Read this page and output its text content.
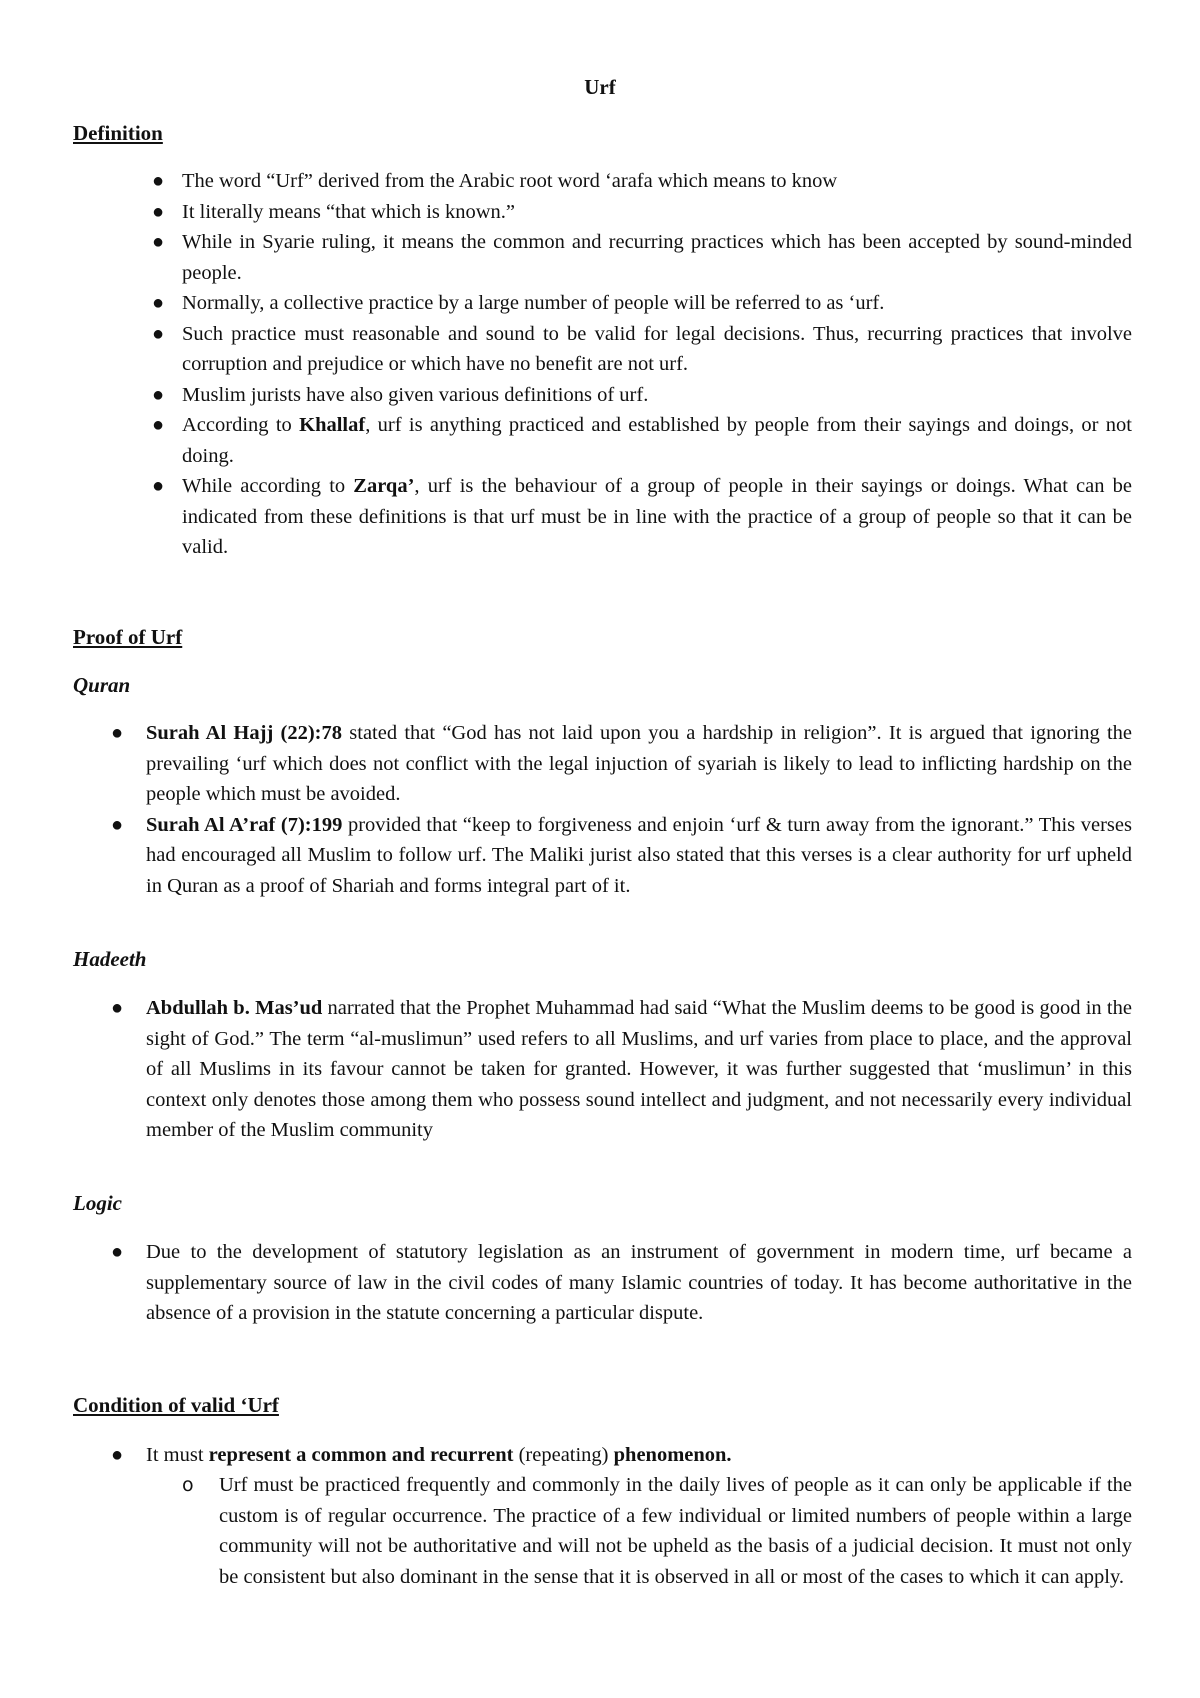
Urf
Definition
● The word “Urf” derived from the Arabic root word ‘arafa which means to know
● It literally means “that which is known.”
● While in Syarie ruling, it means the common and recurring practices which has been accepted by sound-minded people.
● Normally, a collective practice by a large number of people will be referred to as ‘urf.
● Such practice must reasonable and sound to be valid for legal decisions. Thus, recurring practices that involve corruption and prejudice or which have no benefit are not urf.
● Muslim jurists have also given various definitions of urf.
● According to Khallaf, urf is anything practiced and established by people from their sayings and doings, or not doing.
● While according to Zarqa’, urf is the behaviour of a group of people in their sayings or doings. What can be indicated from these definitions is that urf must be in line with the practice of a group of people so that it can be valid.
Proof of Urf
Quran
● Surah Al Hajj (22):78 stated that “God has not laid upon you a hardship in religion”. It is argued that ignoring the prevailing ‘urf which does not conflict with the legal injuction of syariah is likely to lead to inflicting hardship on the people which must be avoided.
● Surah Al A’raf (7):199 provided that “keep to forgiveness and enjoin ‘urf & turn away from the ignorant.” This verses had encouraged all Muslim to follow urf. The Maliki jurist also stated that this verses is a clear authority for urf upheld in Quran as a proof of Shariah and forms integral part of it.
Hadeeth
● Abdullah b. Mas’ud narrated that the Prophet Muhammad had said “What the Muslim deems to be good is good in the sight of God.” The term “al-muslimun” used refers to all Muslims, and urf varies from place to place, and the approval of all Muslims in its favour cannot be taken for granted. However, it was further suggested that ‘muslimun’ in this context only denotes those among them who possess sound intellect and judgment, and not necessarily every individual member of the Muslim community
Logic
● Due to the development of statutory legislation as an instrument of government in modern time, urf became a supplementary source of law in the civil codes of many Islamic countries of today. It has become authoritative in the absence of a provision in the statute concerning a particular dispute.
Condition of valid ‘Urf
● It must represent a common and recurrent (repeating) phenomenon.
o Urf must be practiced frequently and commonly in the daily lives of people as it can only be applicable if the custom is of regular occurrence. The practice of a few individual or limited numbers of people within a large community will not be authoritative and will not be upheld as the basis of a judicial decision. It must not only be consistent but also dominant in the sense that it is observed in all or most of the cases to which it can apply.
